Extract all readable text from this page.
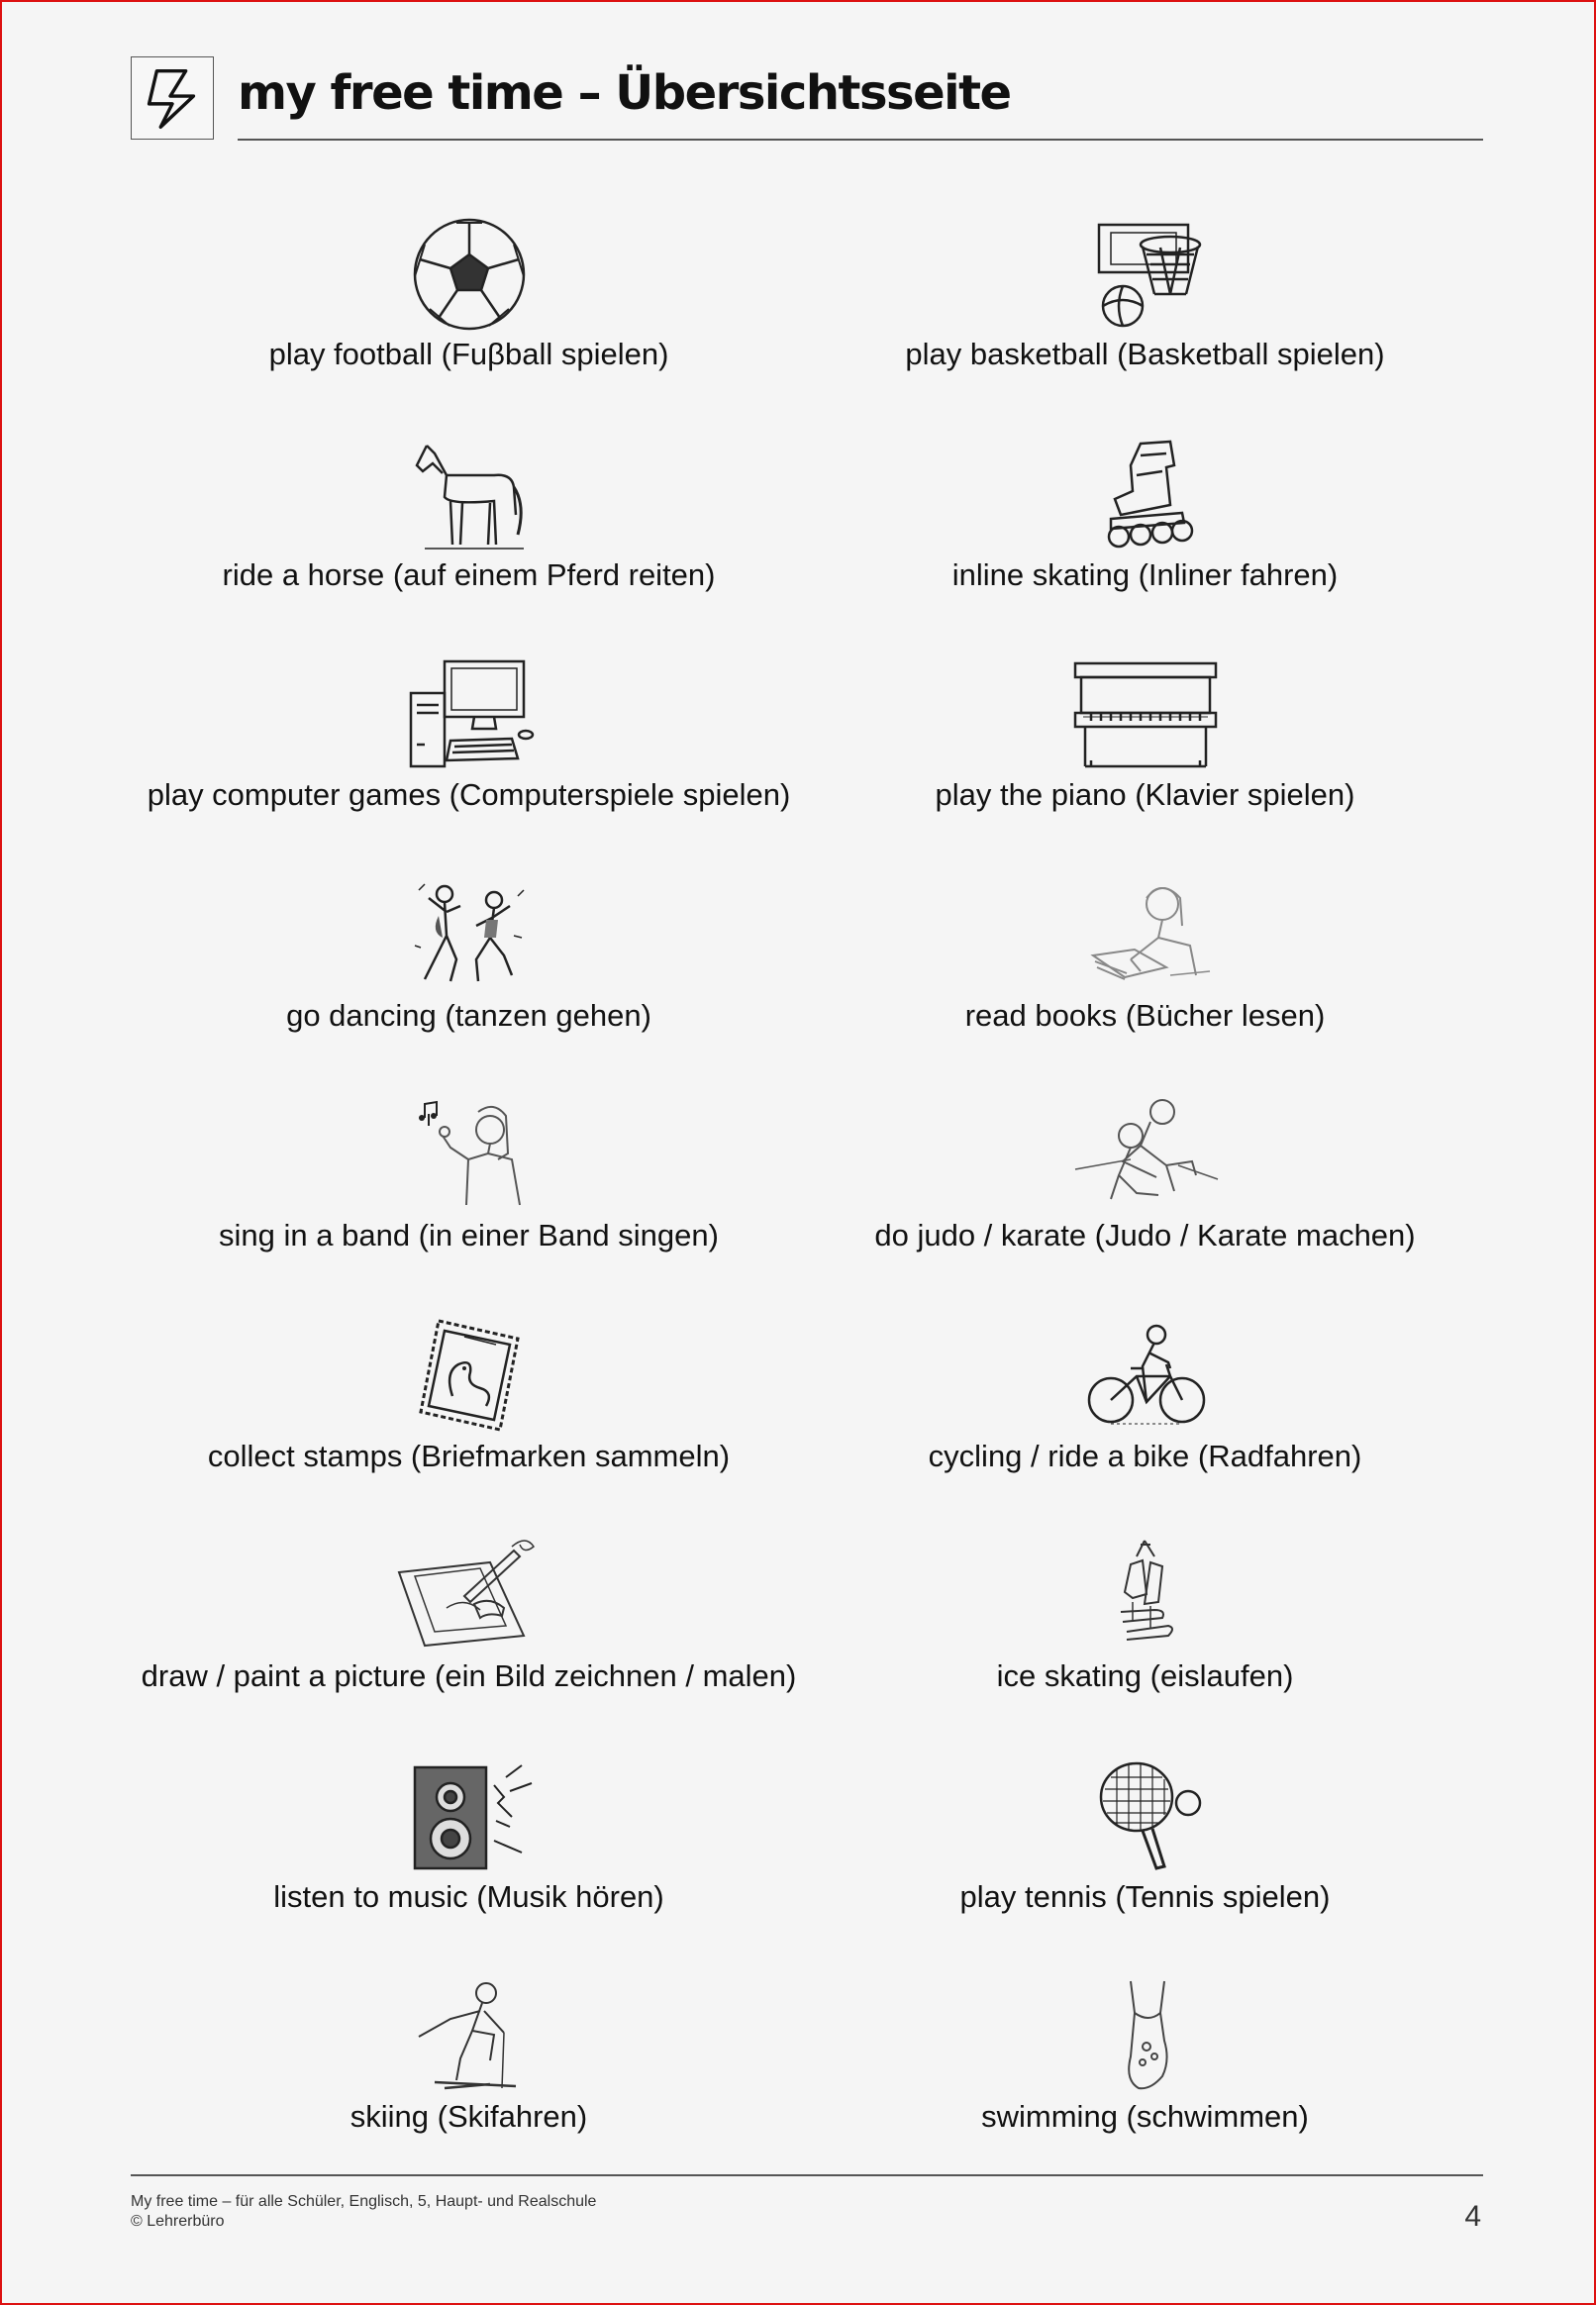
my free time – Übersichtsseite
play football (Fuβball spielen)	play basketball (Basketball spielen)
ride a horse (auf einem Pferd reiten)	inline skating (Inliner fahren)
play computer games (Computerspiele spielen)	play the piano (Klavier spielen)
go dancing (tanzen gehen)	read books (Bücher lesen)
sing in a band (in einer Band singen)	do judo / karate (Judo / Karate machen)
collect stamps (Briefmarken sammeln)	cycling / ride a bike (Radfahren)
draw / paint a picture (ein Bild zeichnen / malen)	ice skating (eislaufen)
listen to music (Musik hören)	play tennis (Tennis spielen)
skiing (Skifahren)	swimming (schwimmen)
My free time – für alle Schüler, Englisch, 5, Haupt- und Realschule
© Lehrerbüro	4
